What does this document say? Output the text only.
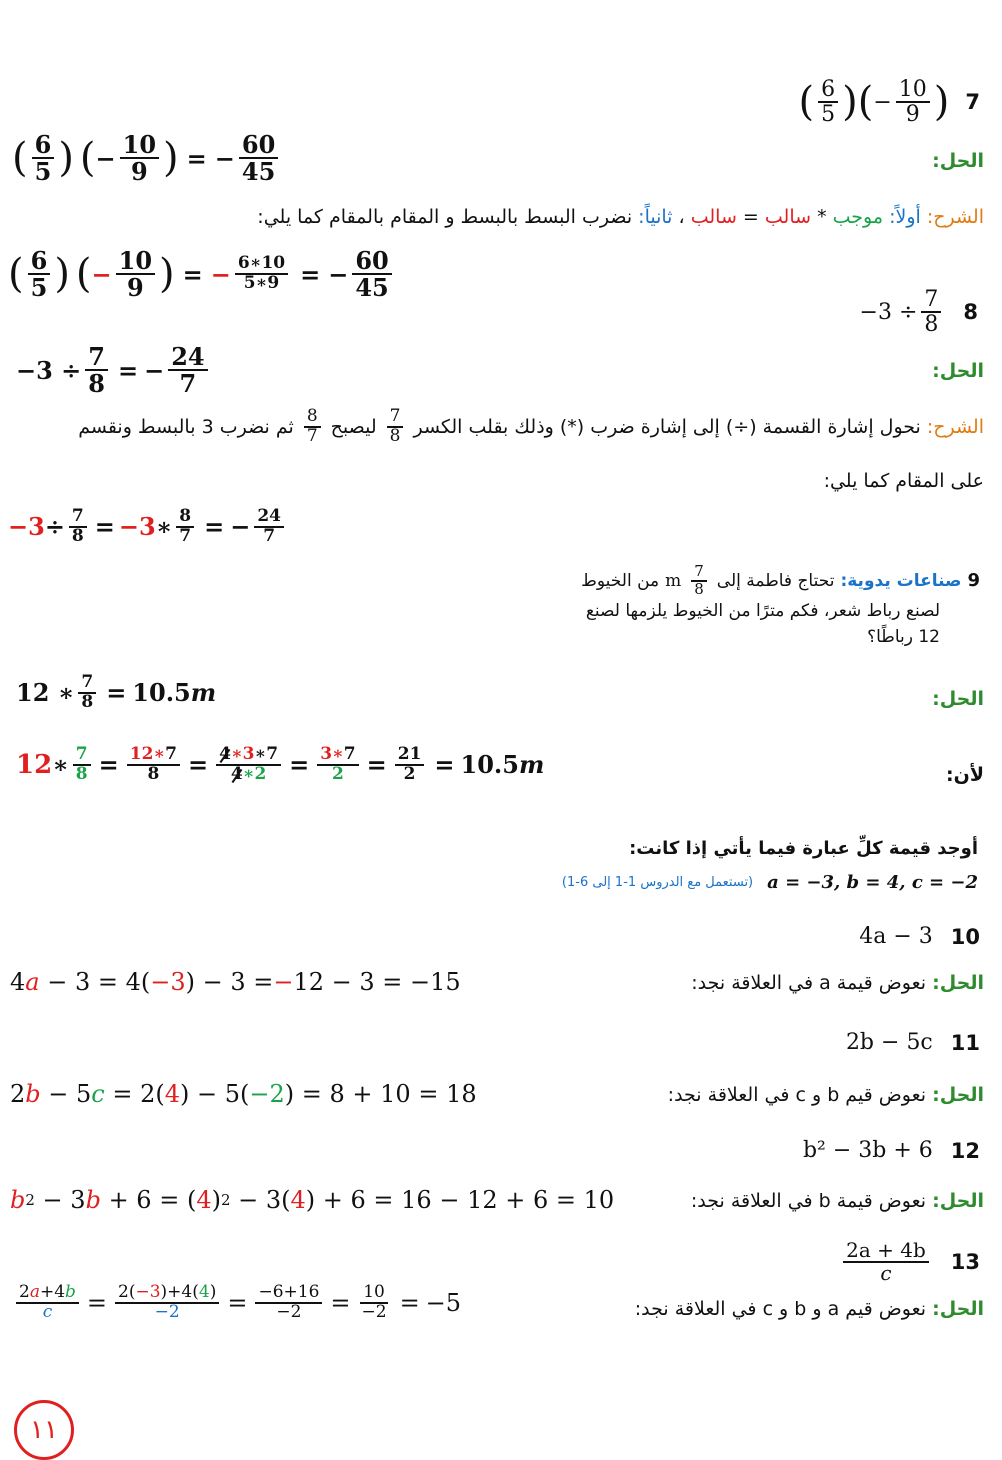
( $\frac{6}{5}$ ) ( − $\frac{10}{9}$ ) 7
( $\frac{6}{5}$ ) ( − $\frac{10}{9}$ ) = − $\frac{60}{45}$	الحل:
الشرح: أولاً: موجب * سالب = سالب ، ثانياً: نضرب البسط بالبسط و المقام بالمقام كما يلي:
( $\frac{6}{5}$ ) ( − $\frac{10}{9}$ ) = − $\frac{6∗10}{5∗9}$ = − $\frac{60}{45}$
$-3 \div \frac{7}{8} 8$
$-3 \div \frac{7}{8}$ = − $\frac{24}{7}$	الحل:
الشرح:
نحول إشارة القسمة (÷) إلى إشارة ضرب (*) وذلك بقلب الكسر
$\frac{7}{8}$
ليصبح
$\frac{8}{7}$
ثم نضرب 3 بالبسط ونقسم
على المقام كما يلي:
$-3 \div \frac{7}{8} = -3$ ∗ $\frac{8}{7}$ = − $\frac{24}{7}$
9
صناعات يدوية:
تحتاج فاطمة إلى
$\frac{7}{8}$
m
من الخيوط
لصنع رباط شعر، فكم مترًا من الخيوط يلزمها لصنع
12 رباطًا؟
12 ∗ $\frac{7}{8} = 10.5$ m	الحل:
12 ∗ $\frac{7}{8} = \frac{12∗7}{8} = \frac{4∗3∗7}{4∗2} = \frac{3∗7}{2} = \frac{21}{2} = 10.5$ m	لأن:
أوجد قيمة كلِّ عبارة فيما يأتي إذا كانت:
(تستعمل مع الدروس 1-1 إلى 6-1) a = −3, b = 4, c = −2
4a − 3 10
4 a − 3 = 4( −3 ) − 3 = − 12 − 3 = −15	الحل: نعوض قيمة a في العلاقة نجد:
2b − 5c 11
2 b − 5 c = 2( 4 ) − 5( −2 ) = 8 + 10 = 18	الحل: نعوض قيم b و c في العلاقة نجد:
b² − 3b + 6 12
b 2 − 3 b + 6 = ( 4 ) 2 − 3( 4 ) + 6 = 16 − 12 + 6 = 10	الحل: نعوض قيمة b في العلاقة نجد:
$\frac{2a + 4b}{c} 13$
$\frac{2a+4b}{c} = \frac{2(-3)+4(4)}{-2} = \frac{-6+16}{-2} = \frac{10}{-2} = -5$	الحل: نعوض قيم a و b و c في العلاقة نجد:
١١
